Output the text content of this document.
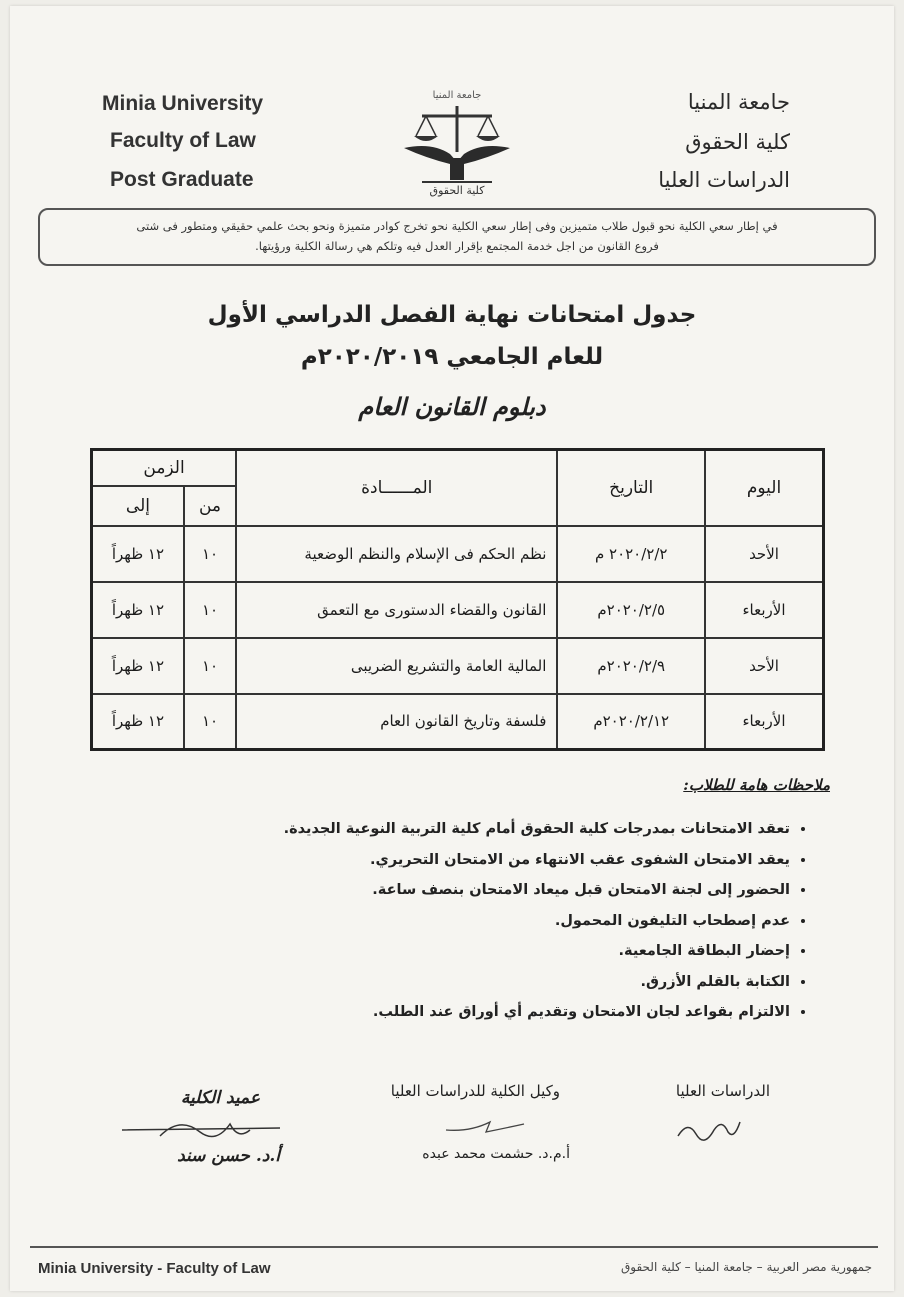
Minia University
Faculty of Law
Post Graduate
جامعة المنيا
كلية الحقوق
جامعة المنيا
كلية الحقوق
الدراسات العليا
في إطار سعي الكلية نحو قبول طلاب متميزين وفى إطار سعي الكلية نحو تخرج كوادر متميزة ونحو بحث علمي حقيقي ومتطور فى شتى
فروع القانون من اجل خدمة المجتمع بإقرار العدل فيه وتلكم هي رسالة الكلية ورؤيتها.
جدول امتحانات نهاية الفصل الدراسي الأول
للعام الجامعي ٢٠٢٠/٢٠١٩م
دبلوم القانون العام
اليوم	التاريخ	المــــــادة	الزمن	
			من	إلى
الأحد	٢٠٢٠/٢/٢ م	نظم الحكم فى الإسلام والنظم الوضعية	١٠	١٢ ظهراً
الأربعاء	٢٠٢٠/٢/٥م	القانون والقضاء الدستورى مع التعمق	١٠	١٢ ظهراً
الأحد	٢٠٢٠/٢/٩م	المالية العامة والتشريع الضريبى	١٠	١٢ ظهراً
الأربعاء	٢٠٢٠/٢/١٢م	فلسفة وتاريخ القانون العام	١٠	١٢ ظهراً
ملاحظات هامة للطلاب:
• تعقد الامتحانات بمدرجات كلية الحقوق أمام كلية التربية النوعية الجديدة.
• يعقد الامتحان الشفوى عقب الانتهاء من الامتحان التحريري.
• الحضور إلى لجنة الامتحان قبل ميعاد الامتحان بنصف ساعة.
• عدم إصطحاب التليفون المحمول.
• إحضار البطاقة الجامعية.
• الكتابة بالقلم الأزرق.
• الالتزام بقواعد لجان الامتحان وتقديم أي أوراق عند الطلب.
الدراسات العليا
وكيل الكلية للدراسات العليا
أ.م.د. حشمت محمد عبده
عميد الكلية
أ.د. حسن سند
Minia University - Faculty of Law	جمهورية مصر العربية – جامعة المنيا – كلية الحقوق
